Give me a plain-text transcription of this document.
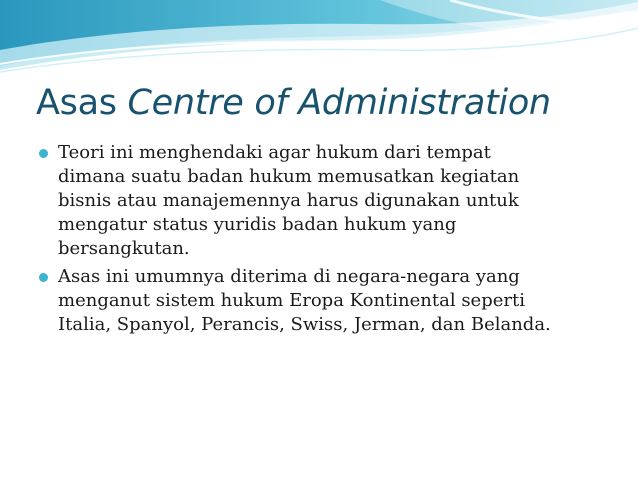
Asas Centre of Administration
Teori ini menghendaki agar hukum dari tempat
dimana suatu badan hukum memusatkan kegiatan
bisnis atau manajemennya harus digunakan untuk
mengatur status yuridis badan hukum yang
bersangkutan.
Asas ini umumnya diterima di negara-negara yang
menganut sistem hukum Eropa Kontinental seperti
Italia, Spanyol, Perancis, Swiss, Jerman, dan Belanda.
